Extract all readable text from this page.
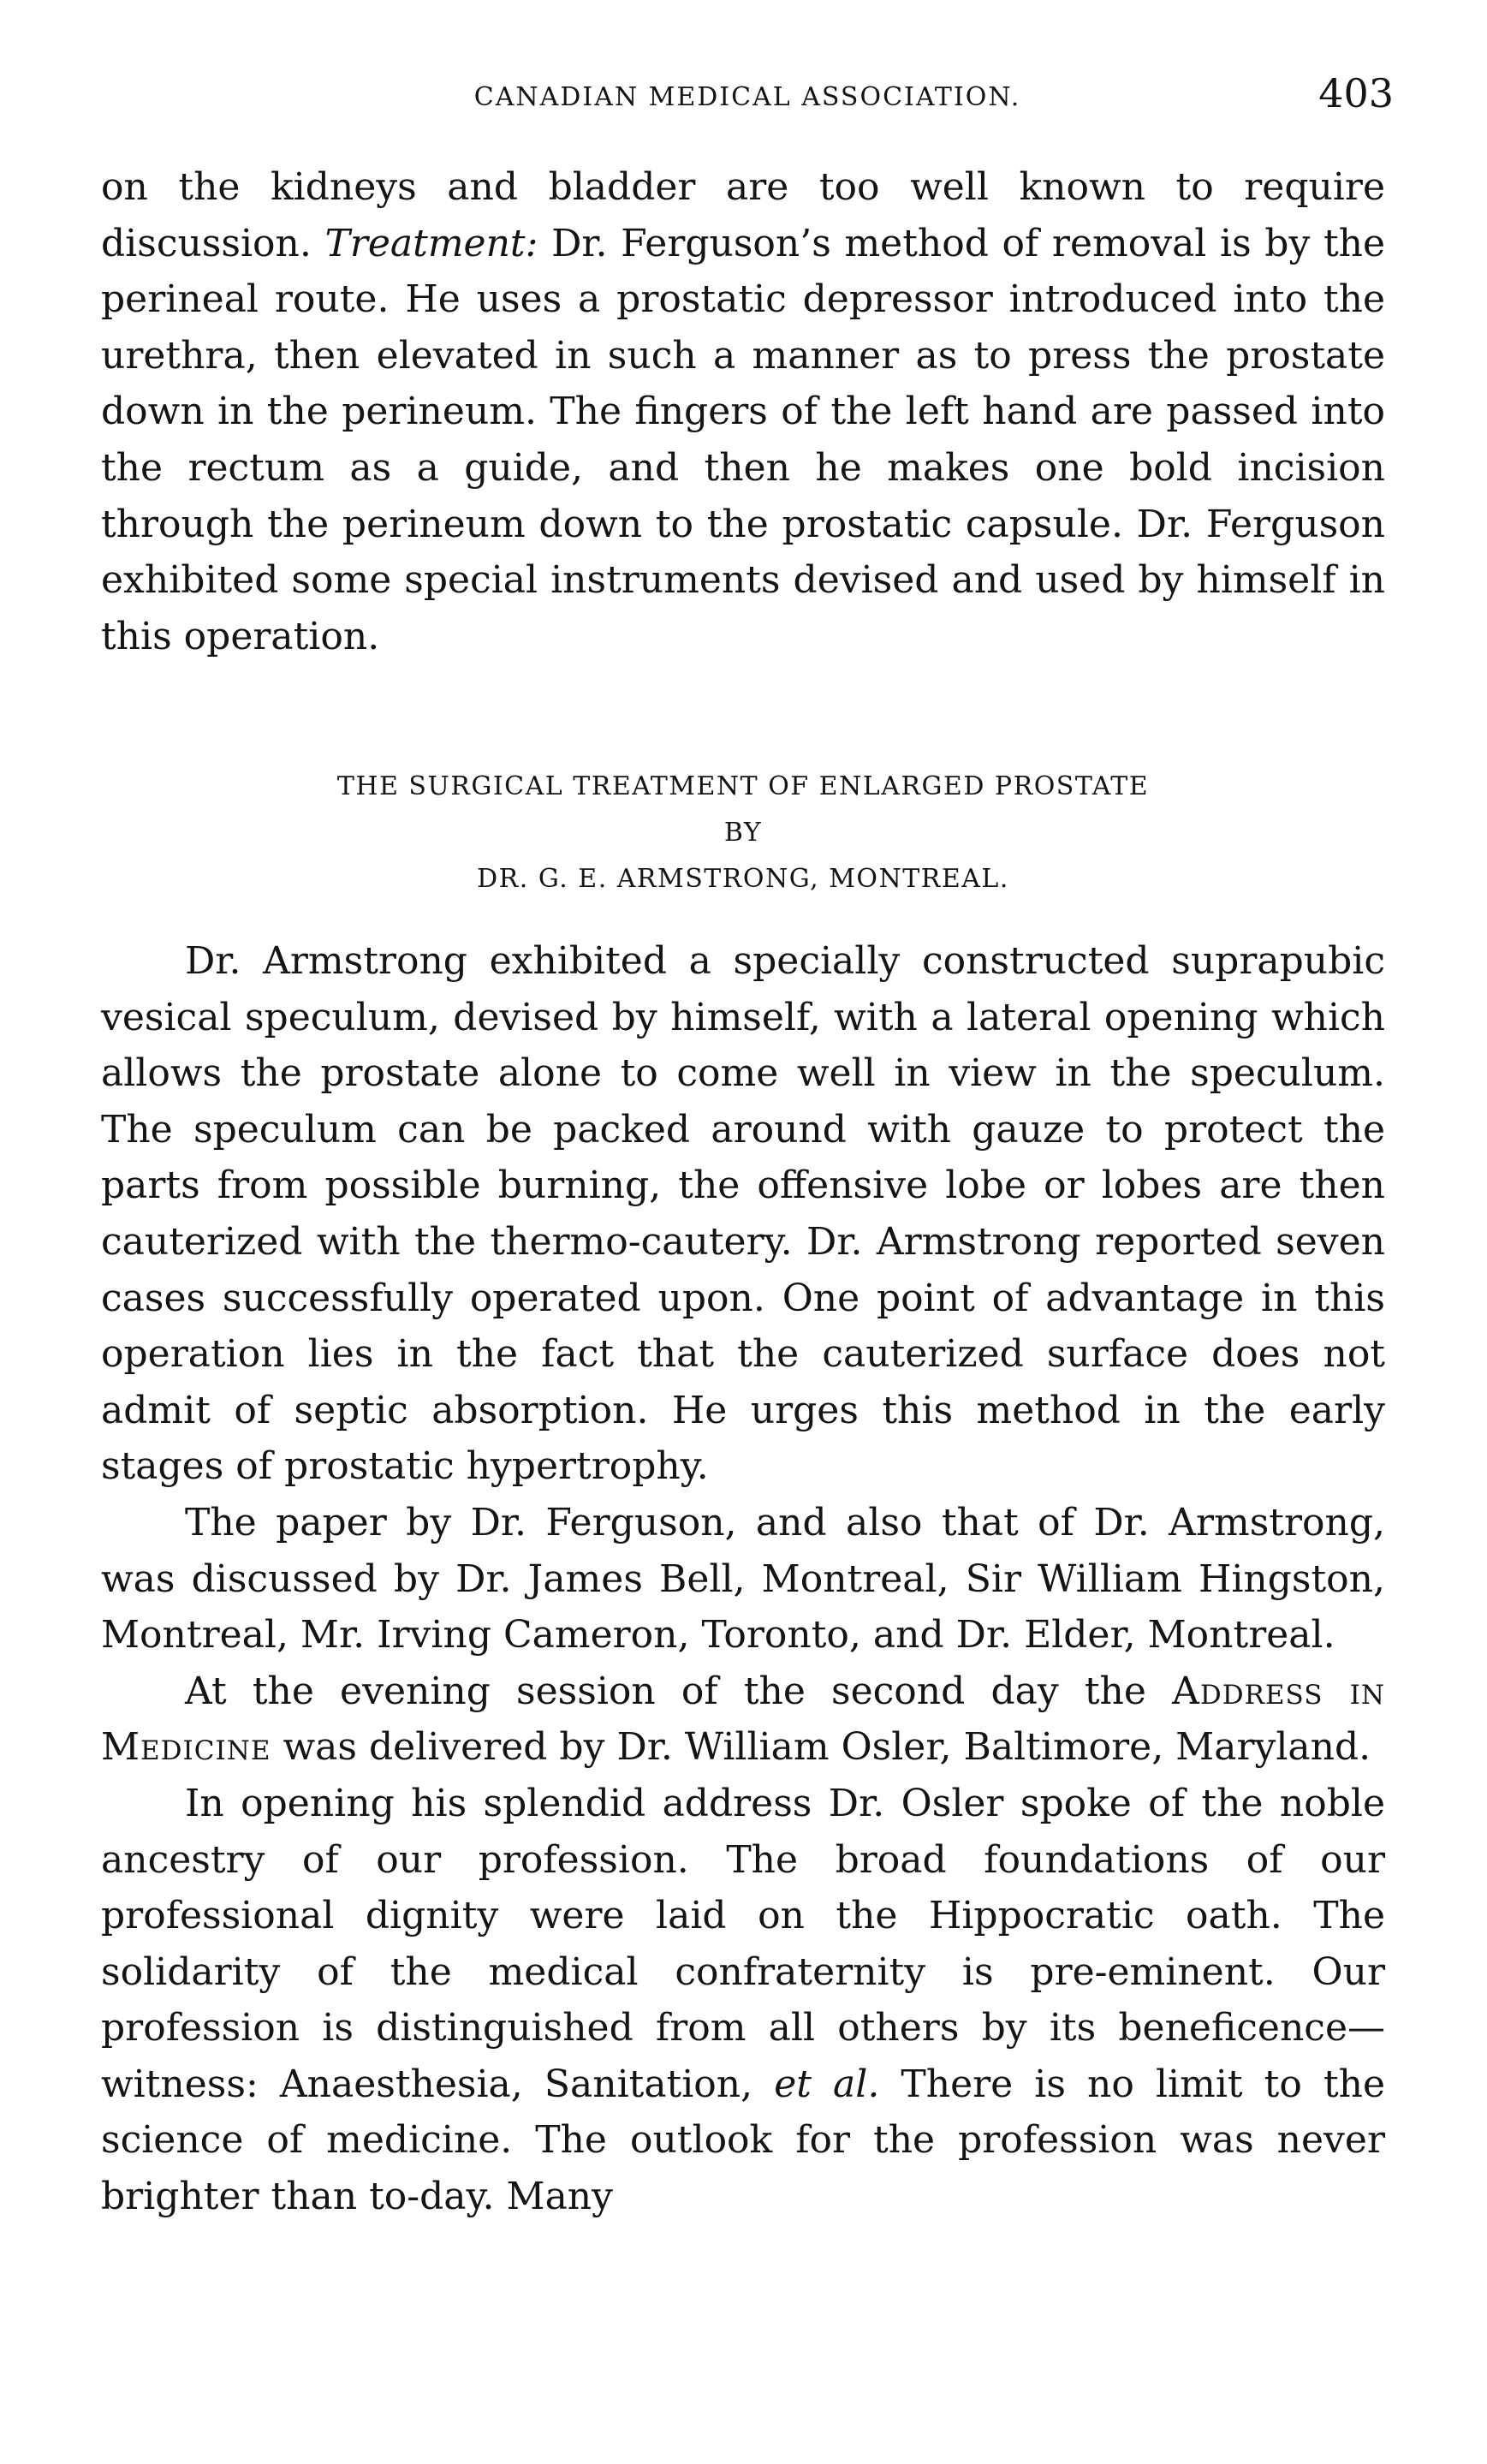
CANADIAN MEDICAL ASSOCIATION.	403

on the kidneys and bladder are too well known to require discussion. Treatment: Dr. Ferguson’s method of removal is by the perineal route. He uses a prostatic depressor introduced into the urethra, then elevated in such a manner as to press the prostate down in the perineum. The fingers of the left hand are passed into the rectum as a guide, and then he makes one bold incision through the perineum down to the prostatic capsule. Dr. Ferguson exhibited some special instruments devised and used by himself in this operation.

THE SURGICAL TREATMENT OF ENLARGED PROSTATE
BY
DR. G. E. ARMSTRONG, MONTREAL.

Dr. Armstrong exhibited a specially constructed suprapubic vesical speculum, devised by himself, with a lateral opening which allows the prostate alone to come well in view in the speculum. The speculum can be packed around with gauze to protect the parts from possible burning, the offensive lobe or lobes are then cauterized with the thermo-cautery. Dr. Armstrong reported seven cases successfully operated upon. One point of advantage in this operation lies in the fact that the cauterized surface does not admit of septic absorption. He urges this method in the early stages of prostatic hypertrophy.

The paper by Dr. Ferguson, and also that of Dr. Armstrong, was discussed by Dr. James Bell, Montreal, Sir William Hingston, Montreal, Mr. Irving Cameron, Toronto, and Dr. Elder, Montreal.

At the evening session of the second day the Address in Medicine was delivered by Dr. William Osler, Baltimore, Maryland.

In opening his splendid address Dr. Osler spoke of the noble ancestry of our profession. The broad foundations of our professional dignity were laid on the Hippocratic oath. The solidarity of the medical confraternity is pre-eminent. Our profession is distinguished from all others by its beneficence—witness: Anaesthesia, Sanitation, et al. There is no limit to the science of medicine. The outlook for the profession was never brighter than to-day. Many
